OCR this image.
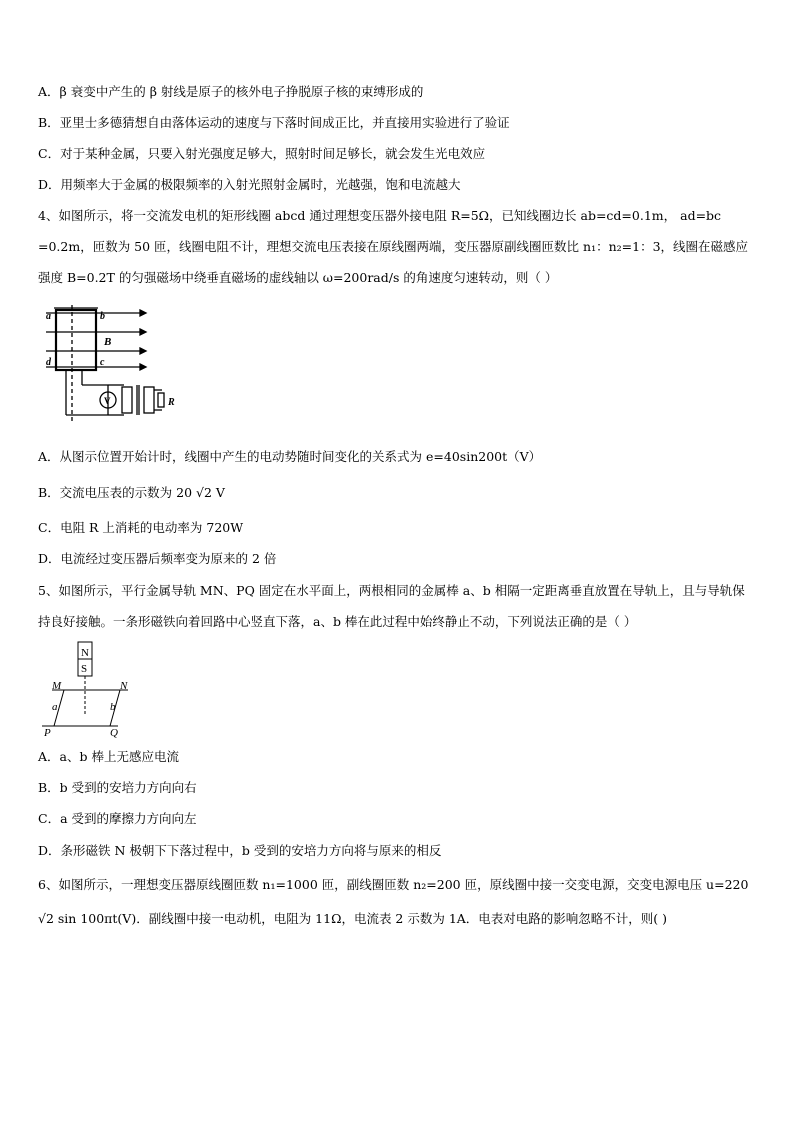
A．β 衰变中产生的 β 射线是原子的核外电子挣脱原子核的束缚形成的
B．亚里士多德猜想自由落体运动的速度与下落时间成正比，并直接用实验进行了验证
C．对于某种金属，只要入射光强度足够大，照射时间足够长，就会发生光电效应
D．用频率大于金属的极限频率的入射光照射金属时，光越强，饱和电流越大
4、如图所示，将一交流发电机的矩形线圈 abcd 通过理想变压器外接电阻 R=5Ω，已知线圈边长 ab=cd=0.1m， ad=bc =0.2m，匝数为 50 匝，线圈电阻不计，理想交流电压表接在原线圈两端，变压器原副线圈匝数比 n₁：n₂=1：3，线圈在磁感应强度 B=0.2T 的匀强磁场中绕垂直磁场的虚线轴以 ω=200rad/s 的角速度匀速转动，则（ ）
a	b
c
d
B
V	R
A．从图示位置开始计时，线圈中产生的电动势随时间变化的关系式为 e=40sin200t（V）
B．交流电压表的示数为 20 √2 V
C．电阻 R 上消耗的电动率为 720W
D．电流经过变压器后频率变为原来的 2 倍
5、如图所示，平行金属导轨 MN、PQ 固定在水平面上，两根相同的金属棒 a、b 相隔一定距离垂直放置在导轨上，且与导轨保持良好接触。一条形磁铁向着回路中心竖直下落，a、b 棒在此过程中始终静止不动，下列说法正确的是（ ）
N
S
M	N
P	Q
a	b
A．a、b 棒上无感应电流
B．b 受到的安培力方向向右
C．a 受到的摩擦力方向向左
D．条形磁铁 N 极朝下下落过程中，b 受到的安培力方向将与原来的相反
6、如图所示，一理想变压器原线圈匝数 n₁=1000 匝，副线圈匝数 n₂=200 匝，原线圈中接一交变电源，交变电源电压 u=220 √2 sin 100πt(V)．副线圈中接一电动机，电阻为 11Ω，电流表 2 示数为 1A．电表对电路的影响忽略不计，则( )
